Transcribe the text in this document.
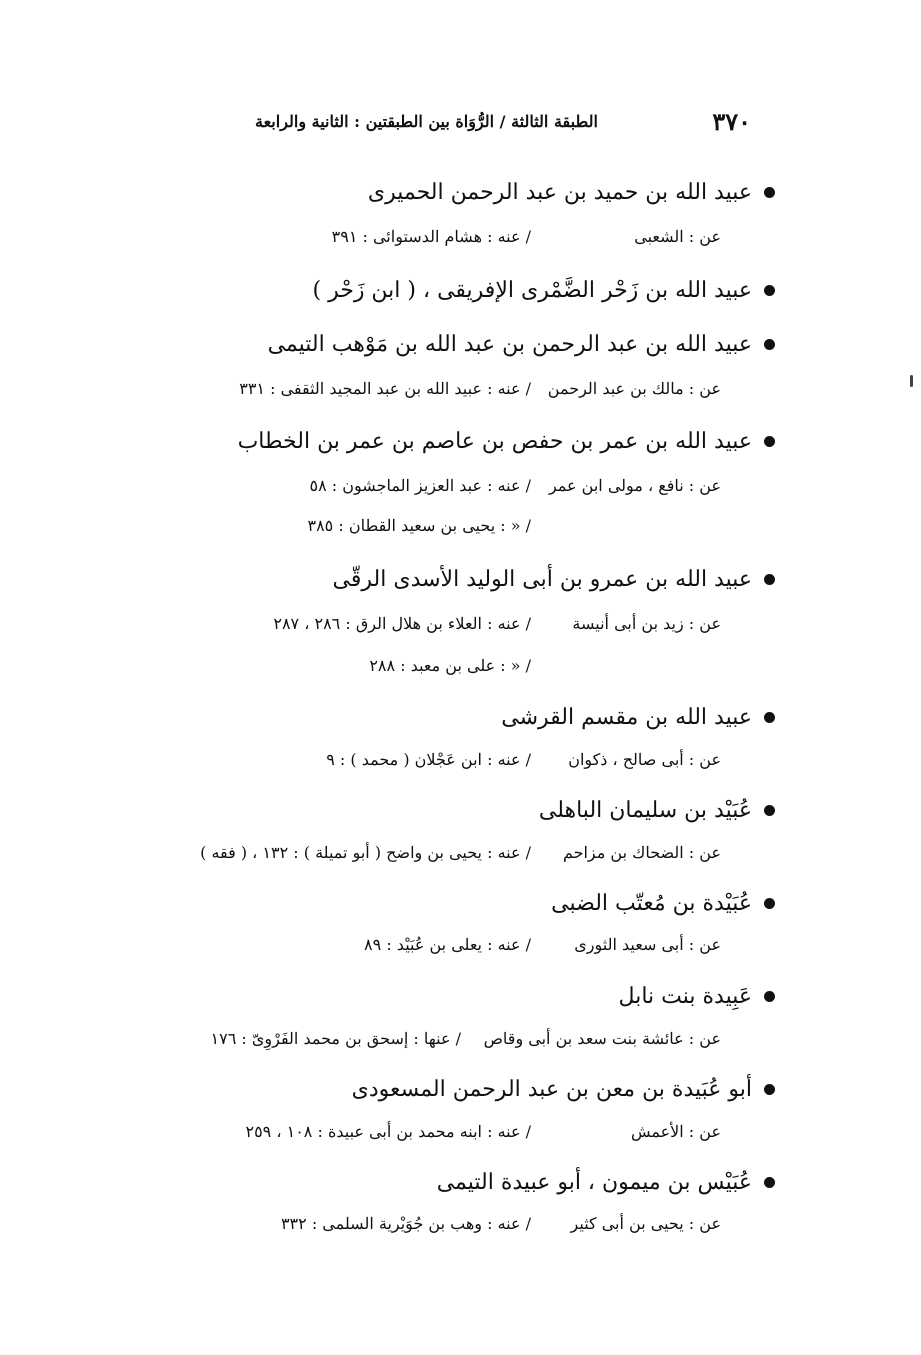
٣٧٠
الطبقة الثالثة / الرُّوَاة بين الطبقتين : الثانية والرابعة
عبيد الله بن حميد بن عبد الرحمن الحميرى
عن : الشعبى
/ عنه : هشام الدستوائى : ٣٩١
عبيد الله بن زَحْر الضَّمْرى الإفريقى ، ( ابن زَحْر )
عبيد الله بن عبد الرحمن بن عبد الله بن مَوْهب التيمى
عن : مالك بن عبد الرحمن
/ عنه : عبيد الله بن عبد المجيد الثقفى : ٣٣١
عبيد الله بن عمر بن حفص بن عاصم بن عمر بن الخطاب
عن : نافع ، مولى ابن عمر
/ عنه : عبد العزيز الماجشون : ٥٨
/ « : يحيى بن سعيد القطان : ٣٨٥
عبيد الله بن عمرو بن أبى الوليد الأسدى الرقّى
عن : زيد بن أبى أنيسة
/ عنه : العلاء بن هلال الرق : ٢٨٦ ، ٢٨٧
/ « : على بن معبد : ٢٨٨
عبيد الله بن مقسم القرشى
عن : أبى صالح ، ذكوان
/ عنه : ابن عَجْلان ( محمد ) : ٩
عُبَيْد بن سليمان الباهلى
عن : الضحاك بن مزاحم
/ عنه : يحيى بن واضح ( أبو تميلة ) : ١٣٢ ، ( فقه )
عُبَيْدة بن مُعتّب الضبى
عن : أبى سعيد الثورى
/ عنه : يعلى بن عُبَيْد : ٨٩
عَبِيدة بنت نابل
عن : عائشة بنت سعد بن أبى وقاص
/ عنها : إسحق بن محمد الفَرْوِىّ : ١٧٦
أبو عُبَيدة بن معن بن عبد الرحمن المسعودى
عن : الأعمش
/ عنه : ابنه محمد بن أبى عبيدة : ١٠٨ ، ٢٥٩
عُبَيْس بن ميمون ، أبو عبيدة التيمى
عن : يحيى بن أبى كثير
/ عنه : وهب بن جُوَيْرية السلمى : ٣٣٢
